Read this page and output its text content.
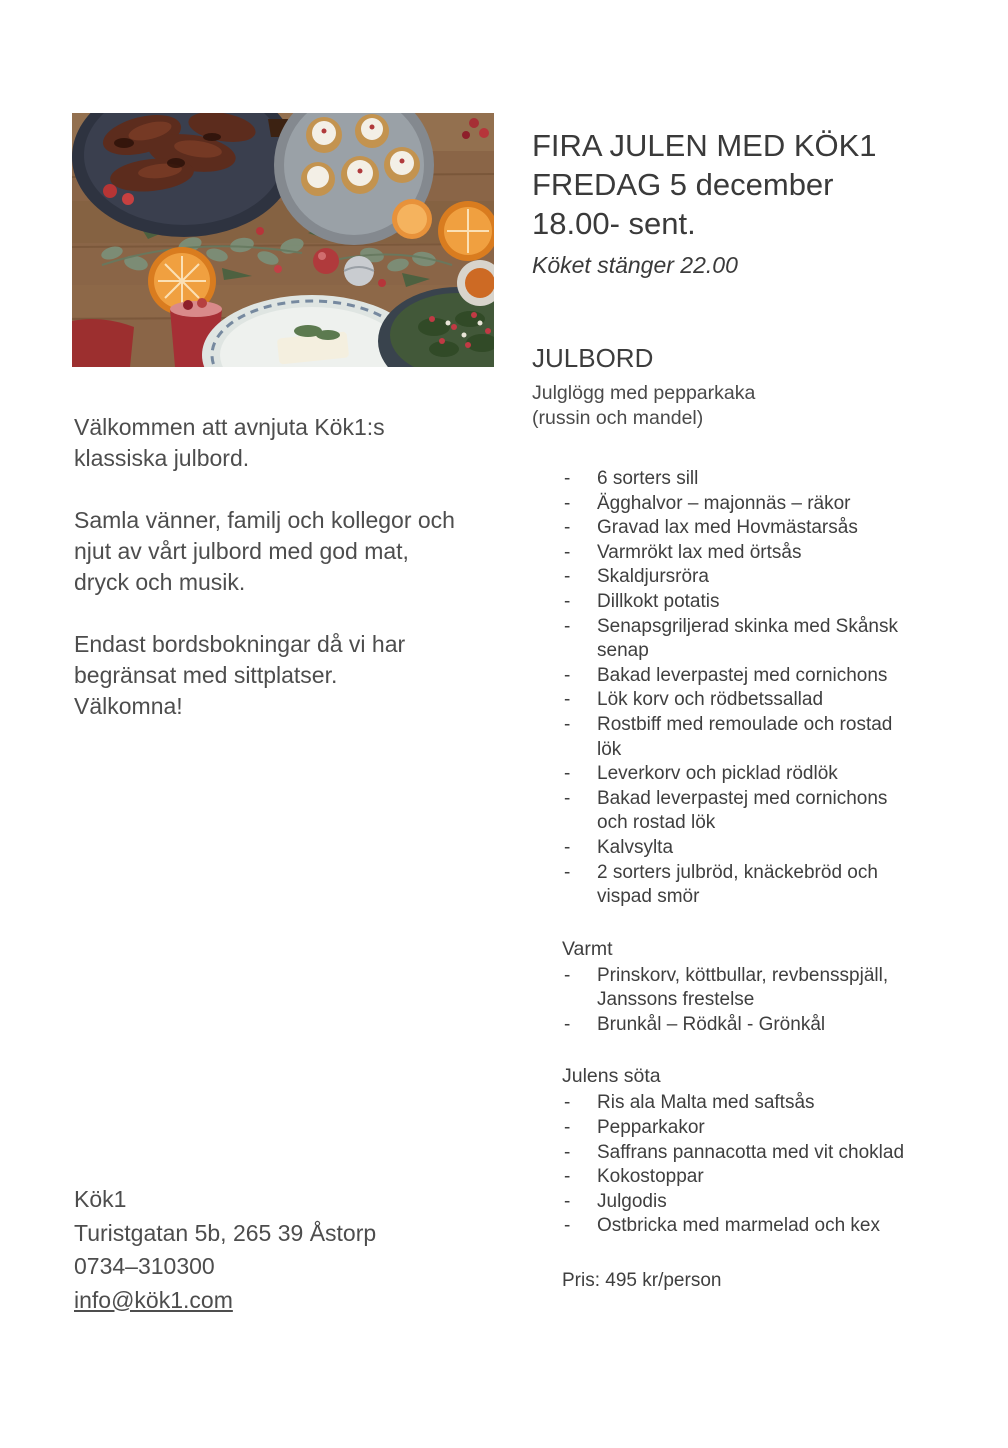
Välkommen att avnjuta Kök1:s klassiska julbord.

Samla vänner, familj och kollegor och njut av vårt julbord med god mat, dryck och musik.

Endast bordsbokningar då vi har begränsat med sittplatser.

Välkomna!

Kök1
Turistgatan 5b, 265 39 Åstorp
0734–310300
info@kök1.com
FIRA JULEN MED KÖK1
FREDAG 5 december
18.00- sent.
Köket stänger 22.00
JULBORD
Julglögg med pepparkaka
(russin och mandel)
- 6 sorters sill
- Ägghalvor – majonnäs – räkor
- Gravad lax med Hovmästarsås
- Varmrökt lax med örtsås
- Skaldjursröra
- Dillkokt potatis
- Senapsgriljerad skinka med Skånsk senap
- Bakad leverpastej med cornichons
- Lök korv och rödbetssallad
- Rostbiff med remoulade och rostad lök
- Leverkorv och picklad rödlök
- Bakad leverpastej med cornichons och rostad lök
- Kalvsylta
- 2 sorters julbröd, knäckebröd och vispad smör
Varmt
- Prinskorv, köttbullar, revbensspjäll, Janssons frestelse
- Brunkål – Rödkål - Grönkål
Julens söta
- Ris ala Malta med saftsås
- Pepparkakor
- Saffrans pannacotta med vit choklad
- Kokostoppar
- Julgodis
- Ostbricka med marmelad och kex
Pris: 495 kr/person
